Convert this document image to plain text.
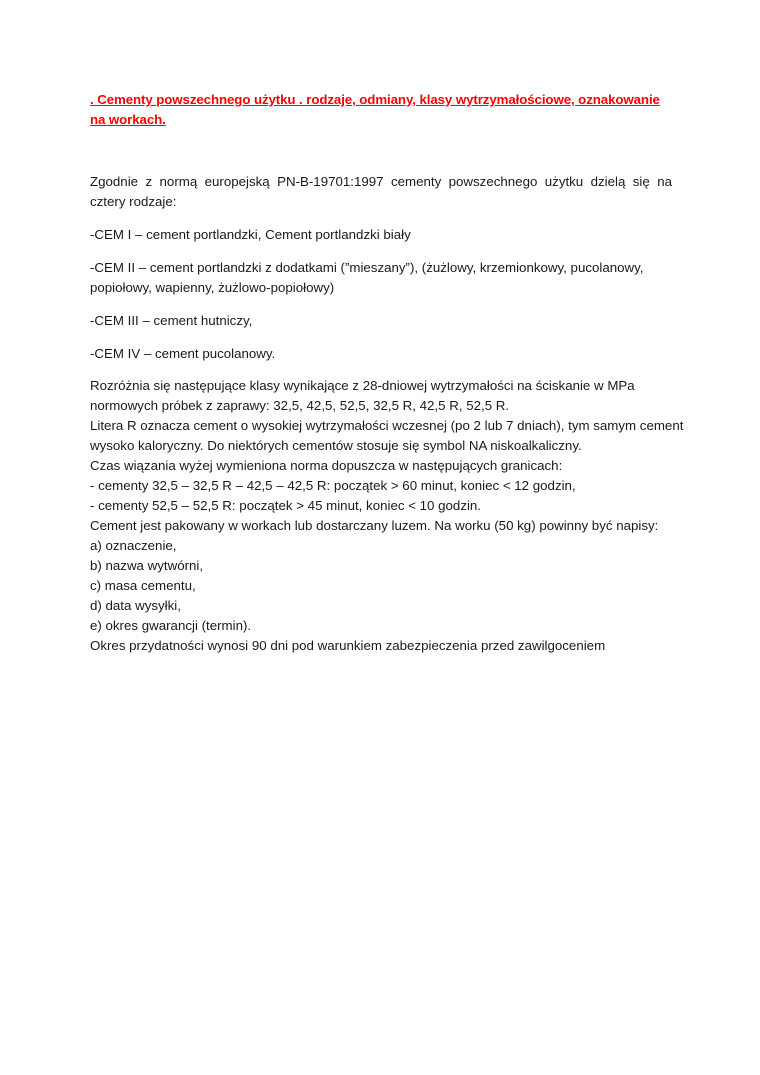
. Cementy powszechnego użytku . rodzaje, odmiany, klasy wytrzymałościowe, oznakowanie na workach.

Zgodnie z normą europejską PN-B-19701:1997 cementy powszechnego użytku dzielą się na cztery rodzaje:
-CEM I – cement portlandzki, Cement portlandzki biały
-CEM II – cement portlandzki z dodatkami (”mieszany”), (żużlowy, krzemionkowy, pucolanowy, popiołowy, wapienny, żużlowo-popiołowy)
-CEM III – cement hutniczy,
-CEM IV – cement pucolanowy.
Rozróżnia się następujące klasy wynikające z 28-dniowej wytrzymałości na ściskanie w MPa
normowych próbek z zaprawy: 32,5, 42,5, 52,5, 32,5 R, 42,5 R, 52,5 R.
Litera R oznacza cement o wysokiej wytrzymałości wczesnej (po 2 lub 7 dniach), tym samym cement
wysoko kaloryczny. Do niektórych cementów stosuje się symbol NA niskoalkaliczny.
Czas wiązania wyżej wymieniona norma dopuszcza w następujących granicach:
- cementy 32,5 – 32,5 R – 42,5 – 42,5 R: początek > 60 minut, koniec < 12 godzin,
- cementy 52,5 – 52,5 R: początek > 45 minut, koniec < 10 godzin.
Cement jest pakowany w workach lub dostarczany luzem. Na worku (50 kg) powinny być napisy:
a) oznaczenie,
b) nazwa wytwórni,
c) masa cementu,
d) data wysyłki,
e) okres gwarancji (termin).
Okres przydatności wynosi 90 dni pod warunkiem zabezpieczenia przed zawilgoceniem
